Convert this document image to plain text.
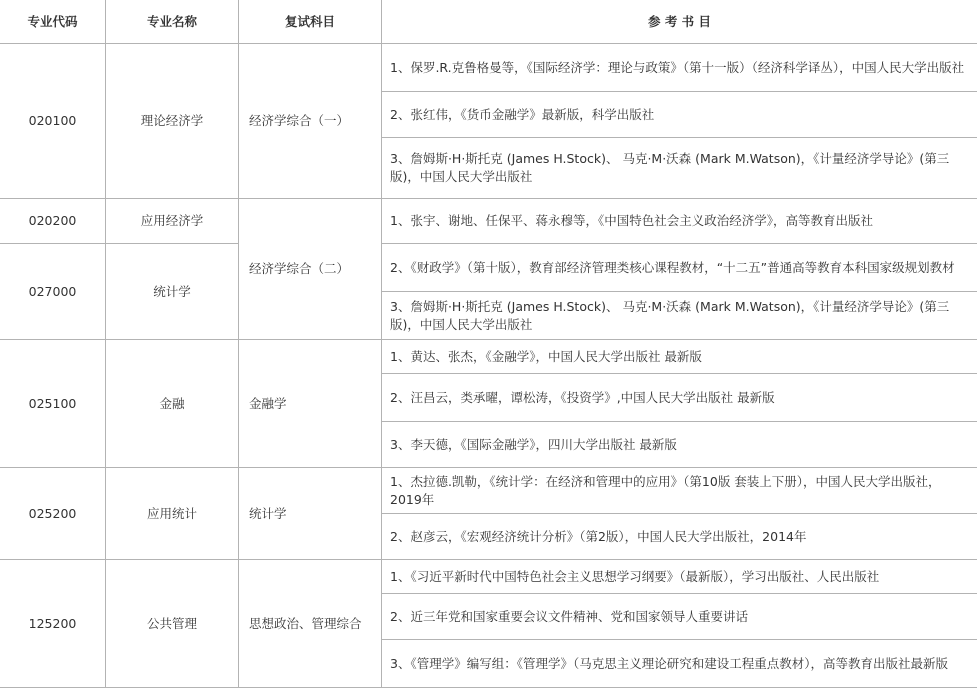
专业代码	专业名称	复试科目	参 考 书 目
020100	理论经济学	经济学综合（一）	1、保罗.R.克鲁格曼等，《国际经济学：理论与政策》（第十一版）（经济科学译丛），中国人民大学出版社
			2、张红伟，《货币金融学》最新版，科学出版社
			3、詹姆斯·H·斯托克 (James H.Stock)、 马克·M·沃森 (Mark M.Watson)，《计量经济学导论》(第三版)，中国人民大学出版社
020200	应用经济学	经济学综合（二）	1、张宇、谢地、任保平、蒋永穆等，《中国特色社会主义政治经济学》，高等教育出版社
027000	统计学		2、《财政学》（第十版），教育部经济管理类核心课程教材，“十二五”普通高等教育本科国家级规划教材
			3、詹姆斯·H·斯托克 (James H.Stock)、 马克·M·沃森 (Mark M.Watson)，《计量经济学导论》(第三版)，中国人民大学出版社
025100	金融	金融学	1、黄达、张杰，《金融学》，中国人民大学出版社 最新版
			2、汪昌云，类承曜，谭松涛，《投资学》,中国人民大学出版社 最新版
			3、李天德，《国际金融学》，四川大学出版社 最新版
025200	应用统计	统计学	1、杰拉德.凯勒，《统计学：在经济和管理中的应用》（第10版 套装上下册），中国人民大学出版社，2019年
			2、赵彦云，《宏观经济统计分析》（第2版），中国人民大学出版社，2014年
125200	公共管理	思想政治、管理综合	1、《习近平新时代中国特色社会主义思想学习纲要》（最新版），学习出版社、人民出版社
			2、近三年党和国家重要会议文件精神、党和国家领导人重要讲话
			3、《管理学》编写组：《管理学》（马克思主义理论研究和建设工程重点教材），高等教育出版社最新版
